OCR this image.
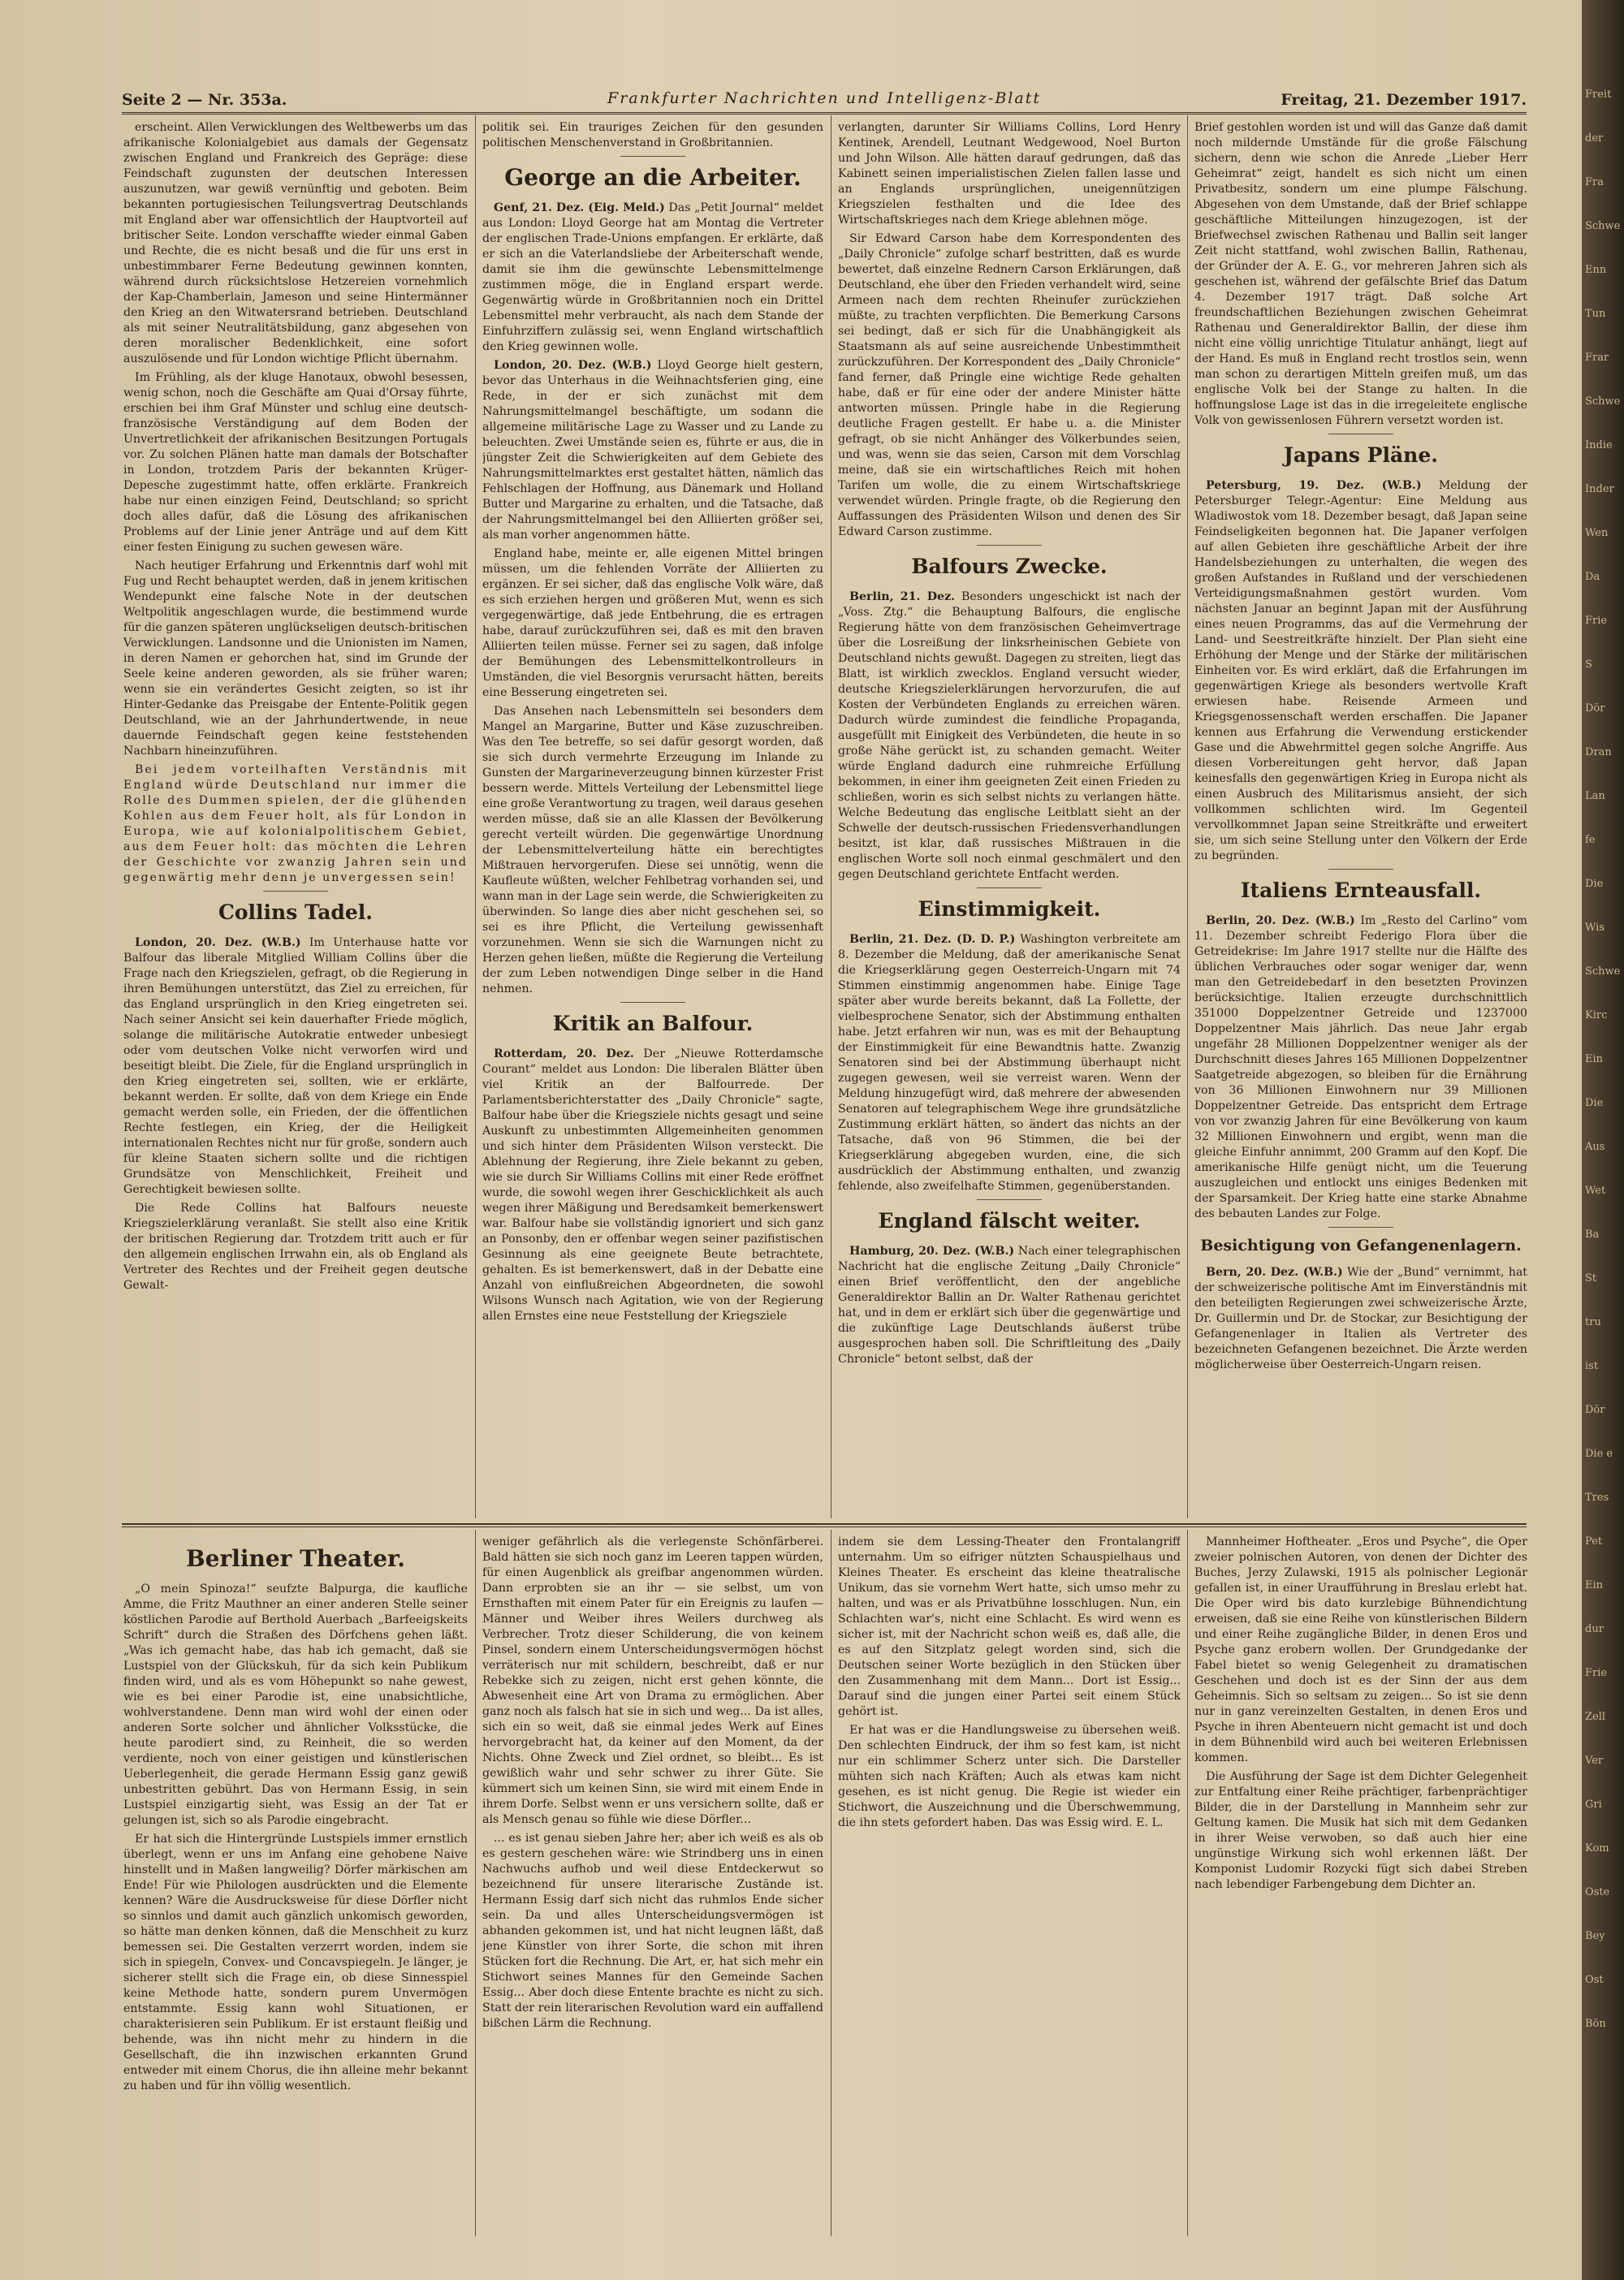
Seite 2 — Nr. 353a.	Frankfurter Nachrichten und Intelligenz-Blatt	Freitag, 21. Dezember 1917.

erscheint. Allen Verwicklungen des Weltbewerbs um das afrikanische Kolonialgebiet aus damals der Gegensatz zwischen England und Frankreich des Gepräge: diese Feindschaft zugunsten der deutschen Interessen auszunutzen, war gewiß vernünftig und geboten. Beim bekannten portugiesischen Teilungsvertrag Deutschlands mit England aber war offensichtlich der Hauptvorteil auf britischer Seite. London verschaffte wieder einmal Gaben und Rechte, die es nicht besaß und die für uns erst in unbestimmbarer Ferne Bedeutung gewinnen konnten, während durch rücksichtslose Hetzereien vornehmlich der Kap-Chamberlain, Jameson und seine Hintermänner den Krieg an den Witwatersrand betrieben. Deutschland als mit seiner Neutralitätsbildung, ganz abgesehen von deren moralischer Bedenklichkeit, eine sofort auszulösende und für London wichtige Pflicht übernahm.

Im Frühling, als der kluge Hanotaux, obwohl besessen, wenig schon, noch die Geschäfte am Quai d'Orsay führte, erschien bei ihm Graf Münster und schlug eine deutsch-französische Verständigung auf dem Boden der Unvertretlichkeit der afrikanischen Besitzungen Portugals vor. Zu solchen Plänen hatte man damals der Botschafter in London, trotzdem Paris der bekannten Krüger-Depesche zugestimmt hatte, offen erklärte. Frankreich habe nur einen einzigen Feind, Deutschland; so spricht doch alles dafür, daß die Lösung des afrikanischen Problems auf der Linie jener Anträge und auf dem Kitt einer festen Einigung zu suchen gewesen wäre.

Nach heutiger Erfahrung und Erkenntnis darf wohl mit Fug und Recht behauptet werden, daß in jenem kritischen Wendepunkt eine falsche Note in der deutschen Weltpolitik angeschlagen wurde, die bestimmend wurde für die ganzen späteren unglückseligen deutsch-britischen Verwicklungen. Landsonne und die Unionisten im Namen, in deren Namen er gehorchen hat, sind im Grunde der Seele keine anderen geworden, als sie früher waren; wenn sie ein verändertes Gesicht zeigten, so ist ihr Hinter-Gedanke das Preisgabe der Entente-Politik gegen Deutschland, wie an der Jahrhundertwende, in neue dauernde Feindschaft gegen keine feststehenden Nachbarn hineinzuführen.

Bei jedem vorteilhaften Verständnis mit England würde Deutschland nur immer die Rolle des Dummen spielen, der die glühenden Kohlen aus dem Feuer holt, als für London in Europa, wie auf kolonialpolitischem Gebiet, aus dem Feuer holt: das möchten die Lehren der Geschichte vor zwanzig Jahren sein und gegenwärtig mehr denn je unvergessen sein!

Collins Tadel.

London, 20. Dez. (W.B.) Im Unterhause hatte vor Balfour das liberale Mitglied William Collins über die Frage nach den Kriegszielen, gefragt, ob die Regierung in ihren Bemühungen unterstützt, das Ziel zu erreichen, für das England ursprünglich in den Krieg eingetreten sei. Nach seiner Ansicht sei kein dauerhafter Friede möglich, solange die militärische Autokratie entweder unbesiegt oder vom deutschen Volke nicht verworfen wird und beseitigt bleibt. Die Ziele, für die England ursprünglich in den Krieg eingetreten sei, sollten, wie er erklärte, bekannt werden. Er sollte, daß von dem Kriege ein Ende gemacht werden solle, ein Frieden, der die öffentlichen Rechte festlegen, ein Krieg, der die Heiligkeit internationalen Rechtes nicht nur für große, sondern auch für kleine Staaten sichern sollte und die richtigen Grundsätze von Menschlichkeit, Freiheit und Gerechtigkeit bewiesen sollte.

Die Rede Collins hat Balfours neueste Kriegszielerklärung veranlaßt. Sie stellt also eine Kritik der britischen Regierung dar. Trotzdem tritt auch er für den allgemein englischen Irrwahn ein, als ob England als Vertreter des Rechtes und der Freiheit gegen deutsche Gewalt-

politik sei. Ein trauriges Zeichen für den gesunden politischen Menschenverstand in Großbritannien.

George an die Arbeiter.

Genf, 21. Dez. (Eig. Meld.) Das „Petit Journal“ meldet aus London: Lloyd George hat am Montag die Vertreter der englischen Trade-Unions empfangen. Er erklärte, daß er sich an die Vaterlandsliebe der Arbeiterschaft wende, damit sie ihm die gewünschte Lebensmittelmenge zustimmen möge, die in England erspart werde. Gegenwärtig würde in Großbritannien noch ein Drittel Lebensmittel mehr verbraucht, als nach dem Stande der Einfuhrziffern zulässig sei, wenn England wirtschaftlich den Krieg gewinnen wolle.

London, 20. Dez. (W.B.) Lloyd George hielt gestern, bevor das Unterhaus in die Weihnachtsferien ging, eine Rede, in der er sich zunächst mit dem Nahrungsmittelmangel beschäftigte, um sodann die allgemeine militärische Lage zu Wasser und zu Lande zu beleuchten. Zwei Umstände seien es, führte er aus, die in jüngster Zeit die Schwierigkeiten auf dem Gebiete des Nahrungsmittelmarktes erst gestaltet hätten, nämlich das Fehlschlagen der Hoffnung, aus Dänemark und Holland Butter und Margarine zu erhalten, und die Tatsache, daß der Nahrungsmittelmangel bei den Alliierten größer sei, als man vorher angenommen hätte.

England habe, meinte er, alle eigenen Mittel bringen müssen, um die fehlenden Vorräte der Alliierten zu ergänzen. Er sei sicher, daß das englische Volk wäre, daß es sich erziehen hergen und größeren Mut, wenn es sich vergegenwärtige, daß jede Entbehrung, die es ertragen habe, darauf zurückzuführen sei, daß es mit den braven Alliierten teilen müsse. Ferner sei zu sagen, daß infolge der Bemühungen des Lebensmittelkontrolleurs in Umständen, die viel Besorgnis verursacht hätten, bereits eine Besserung eingetreten sei.

Das Ansehen nach Lebensmitteln sei besonders dem Mangel an Margarine, Butter und Käse zuzuschreiben. Was den Tee betreffe, so sei dafür gesorgt worden, daß sie sich durch vermehrte Erzeugung im Inlande zu Gunsten der Margarineverzeugung binnen kürzester Frist bessern werde. Mittels Verteilung der Lebensmittel liege eine große Verantwortung zu tragen, weil daraus gesehen werden müsse, daß sie an alle Klassen der Bevölkerung gerecht verteilt würden. Die gegenwärtige Unordnung der Lebensmittelverteilung hätte ein berechtigtes Mißtrauen hervorgerufen. Diese sei unnötig, wenn die Kaufleute wüßten, welcher Fehlbetrag vorhanden sei, und wann man in der Lage sein werde, die Schwierigkeiten zu überwinden. So lange dies aber nicht geschehen sei, so sei es ihre Pflicht, die Verteilung gewissenhaft vorzunehmen. Wenn sie sich die Warnungen nicht zu Herzen gehen ließen, müßte die Regierung die Verteilung der zum Leben notwendigen Dinge selber in die Hand nehmen.

Kritik an Balfour.

Rotterdam, 20. Dez. Der „Nieuwe Rotterdamsche Courant“ meldet aus London: Die liberalen Blätter üben viel Kritik an der Balfourrede. Der Parlamentsberichterstatter des „Daily Chronicle“ sagte, Balfour habe über die Kriegsziele nichts gesagt und seine Auskunft zu unbestimmten Allgemeinheiten genommen und sich hinter dem Präsidenten Wilson versteckt. Die Ablehnung der Regierung, ihre Ziele bekannt zu geben, wie sie durch Sir Williams Collins mit einer Rede eröffnet wurde, die sowohl wegen ihrer Geschicklichkeit als auch wegen ihrer Mäßigung und Beredsamkeit bemerkenswert war. Balfour habe sie vollständig ignoriert und sich ganz an Ponsonby, den er offenbar wegen seiner pazifistischen Gesinnung als eine geeignete Beute betrachtete, gehalten. Es ist bemerkenswert, daß in der Debatte eine Anzahl von einflußreichen Abgeordneten, die sowohl Wilsons Wunsch nach Agitation, wie von der Regierung allen Ernstes eine neue Feststellung der Kriegsziele

verlangten, darunter Sir Williams Collins, Lord Henry Kentinek, Arendell, Leutnant Wedgewood, Noel Burton und John Wilson. Alle hätten darauf gedrungen, daß das Kabinett seinen imperialistischen Zielen fallen lasse und an Englands ursprünglichen, uneigennützigen Kriegszielen festhalten und die Idee des Wirtschaftskrieges nach dem Kriege ablehnen möge.

Sir Edward Carson habe dem Korrespondenten des „Daily Chronicle“ zufolge scharf bestritten, daß es wurde bewertet, daß einzelne Rednern Carson Erklärungen, daß Deutschland, ehe über den Frieden verhandelt wird, seine Armeen nach dem rechten Rheinufer zurückziehen müßte, zu trachten verpflichten. Die Bemerkung Carsons sei bedingt, daß er sich für die Unabhängigkeit als Staatsmann als auf seine ausreichende Unbestimmtheit zurückzuführen. Der Korrespondent des „Daily Chronicle“ fand ferner, daß Pringle eine wichtige Rede gehalten habe, daß er für eine oder der andere Minister hätte antworten müssen. Pringle habe in die Regierung deutliche Fragen gestellt. Er habe u. a. die Minister gefragt, ob sie nicht Anhänger des Völkerbundes seien, und was, wenn sie das seien, Carson mit dem Vorschlag meine, daß sie ein wirtschaftliches Reich mit hohen Tarifen um wolle, die zu einem Wirtschaftskriege verwendet würden. Pringle fragte, ob die Regierung den Auffassungen des Präsidenten Wilson und denen des Sir Edward Carson zustimme.

Balfours Zwecke.

Berlin, 21. Dez. Besonders ungeschickt ist nach der „Voss. Ztg.“ die Behauptung Balfours, die englische Regierung hätte von dem französischen Geheimvertrage über die Losreißung der linksrheinischen Gebiete von Deutschland nichts gewußt. Dagegen zu streiten, liegt das Blatt, ist wirklich zwecklos. England versucht wieder, deutsche Kriegszielerklärungen hervorzurufen, die auf Kosten der Verbündeten Englands zu erreichen wären. Dadurch würde zumindest die feindliche Propaganda, ausgefüllt mit Einigkeit des Verbündeten, die heute in so große Nähe gerückt ist, zu schanden gemacht. Weiter würde England dadurch eine ruhmreiche Erfüllung bekommen, in einer ihm geeigneten Zeit einen Frieden zu schließen, worin es sich selbst nichts zu verlangen hätte. Welche Bedeutung das englische Leitblatt sieht an der Schwelle der deutsch-russischen Friedensverhandlungen besitzt, ist klar, daß russisches Mißtrauen in die englischen Worte soll noch einmal geschmälert und den gegen Deutschland gerichtete Entfacht werden.

Einstimmigkeit.

Berlin, 21. Dez. (D. D. P.) Washington verbreitete am 8. Dezember die Meldung, daß der amerikanische Senat die Kriegserklärung gegen Oesterreich-Ungarn mit 74 Stimmen einstimmig angenommen habe. Einige Tage später aber wurde bereits bekannt, daß La Follette, der vielbesprochene Senator, sich der Abstimmung enthalten habe. Jetzt erfahren wir nun, was es mit der Behauptung der Einstimmigkeit für eine Bewandtnis hatte. Zwanzig Senatoren sind bei der Abstimmung überhaupt nicht zugegen gewesen, weil sie verreist waren. Wenn der Meldung hinzugefügt wird, daß mehrere der abwesenden Senatoren auf telegraphischem Wege ihre grundsätzliche Zustimmung erklärt hätten, so ändert das nichts an der Tatsache, daß von 96 Stimmen, die bei der Kriegserklärung abgegeben wurden, eine, die sich ausdrücklich der Abstimmung enthalten, und zwanzig fehlende, also zweifelhafte Stimmen, gegenüberstanden.

England fälscht weiter.

Hamburg, 20. Dez. (W.B.) Nach einer telegraphischen Nachricht hat die englische Zeitung „Daily Chronicle“ einen Brief veröffentlicht, den der angebliche Generaldirektor Ballin an Dr. Walter Rathenau gerichtet hat, und in dem er erklärt sich über die gegenwärtige und die zukünftige Lage Deutschlands äußerst trübe ausgesprochen haben soll. Die Schriftleitung des „Daily Chronicle“ betont selbst, daß der

Brief gestohlen worden ist und will das Ganze daß damit noch mildernde Umstände für die große Fälschung sichern, denn wie schon die Anrede „Lieber Herr Geheimrat“ zeigt, handelt es sich nicht um einen Privatbesitz, sondern um eine plumpe Fälschung. Abgesehen von dem Umstande, daß der Brief schlappe geschäftliche Mitteilungen hinzugezogen, ist der Briefwechsel zwischen Rathenau und Ballin seit langer Zeit nicht stattfand, wohl zwischen Ballin, Rathenau, der Gründer der A. E. G., vor mehreren Jahren sich als geschehen ist, während der gefälschte Brief das Datum 4. Dezember 1917 trägt. Daß solche Art freundschaftlichen Beziehungen zwischen Geheimrat Rathenau und Generaldirektor Ballin, der diese ihm nicht eine völlig unrichtige Titulatur anhängt, liegt auf der Hand. Es muß in England recht trostlos sein, wenn man schon zu derartigen Mitteln greifen muß, um das englische Volk bei der Stange zu halten. In die hoffnungslose Lage ist das in die irregeleitete englische Volk von gewissenlosen Führern versetzt worden ist.

Japans Pläne.

Petersburg, 19. Dez. (W.B.) Meldung der Petersburger Telegr.-Agentur: Eine Meldung aus Wladiwostok vom 18. Dezember besagt, daß Japan seine Feindseligkeiten begonnen hat. Die Japaner verfolgen auf allen Gebieten ihre geschäftliche Arbeit der ihre Handelsbeziehungen zu unterhalten, die wegen des großen Aufstandes in Rußland und der verschiedenen Verteidigungsmaßnahmen gestört wurden. Vom nächsten Januar an beginnt Japan mit der Ausführung eines neuen Programms, das auf die Vermehrung der Land- und Seestreitkräfte hinzielt. Der Plan sieht eine Erhöhung der Menge und der Stärke der militärischen Einheiten vor. Es wird erklärt, daß die Erfahrungen im gegenwärtigen Kriege als besonders wertvolle Kraft erwiesen habe. Reisende Armeen und Kriegsgenossenschaft werden erschaffen. Die Japaner kennen aus Erfahrung die Verwendung erstickender Gase und die Abwehrmittel gegen solche Angriffe. Aus diesen Vorbereitungen geht hervor, daß Japan keinesfalls den gegenwärtigen Krieg in Europa nicht als einen Ausbruch des Militarismus ansieht, der sich vollkommen schlichten wird. Im Gegenteil vervollkommnet Japan seine Streitkräfte und erweitert sie, um sich seine Stellung unter den Völkern der Erde zu begründen.

Italiens Ernteausfall.

Berlin, 20. Dez. (W.B.) Im „Resto del Carlino“ vom 11. Dezember schreibt Federigo Flora über die Getreidekrise: Im Jahre 1917 stellte nur die Hälfte des üblichen Verbrauches oder sogar weniger dar, wenn man den Getreidebedarf in den besetzten Provinzen berücksichtige. Italien erzeugte durchschnittlich 351000 Doppelzentner Getreide und 1237000 Doppelzentner Mais jährlich. Das neue Jahr ergab ungefähr 28 Millionen Doppelzentner weniger als der Durchschnitt dieses Jahres 165 Millionen Doppelzentner Saatgetreide abgezogen, so bleiben für die Ernährung von 36 Millionen Einwohnern nur 39 Millionen Doppelzentner Getreide. Das entspricht dem Ertrage von vor zwanzig Jahren für eine Bevölkerung von kaum 32 Millionen Einwohnern und ergibt, wenn man die gleiche Einfuhr annimmt, 200 Gramm auf den Kopf. Die amerikanische Hilfe genügt nicht, um die Teuerung auszugleichen und entlockt uns einiges Bedenken mit der Sparsamkeit. Der Krieg hatte eine starke Abnahme des bebauten Landes zur Folge.

Besichtigung von Gefangenenlagern.

Bern, 20. Dez. (W.B.) Wie der „Bund“ vernimmt, hat der schweizerische politische Amt im Einverständnis mit den beteiligten Regierungen zwei schweizerische Ärzte, Dr. Guillermin und Dr. de Stockar, zur Besichtigung der Gefangenenlager in Italien als Vertreter des bezeichneten Gefangenen bezeichnet. Die Ärzte werden möglicherweise über Oesterreich-Ungarn reisen.

Berliner Theater.

„O mein Spinoza!“ seufzte Balpurga, die kaufliche Amme, die Fritz Mauthner an einer anderen Stelle seiner köstlichen Parodie auf Berthold Auerbach „Barfeeigskeits Schrift“ durch die Straßen des Dörfchens gehen läßt. „Was ich gemacht habe, das hab ich gemacht, daß sie Lustspiel von der Glückskuh, für da sich kein Publikum finden wird, und als es vom Höhepunkt so nahe gewest, wie es bei einer Parodie ist, eine unabsichtliche, wohlverstandene. Denn man wird wohl der einen oder anderen Sorte solcher und ähnlicher Volksstücke, die heute parodiert sind, zu Reinheit, die so werden verdiente, noch von einer geistigen und künstlerischen Ueberlegenheit, die gerade Hermann Essig ganz gewiß unbestritten gebührt. Das von Hermann Essig, in sein Lustspiel einzigartig sieht, was Essig an der Tat er gelungen ist, sich so als Parodie eingebracht.

Er hat sich die Hintergründe Lustspiels immer ernstlich überlegt, wenn er uns im Anfang eine gehobene Naive hinstellt und in Maßen langweilig? Dörfer märkischen am Ende! Für wie Philologen ausdrückten und die Elemente kennen? Wäre die Ausdrucksweise für diese Dörfler nicht so sinnlos und damit auch gänzlich unkomisch geworden, so hätte man denken können, daß die Menschheit zu kurz bemessen sei. Die Gestalten verzerrt worden, indem sie sich in spiegeln, Convex- und Concavspiegeln. Je länger, je sicherer stellt sich die Frage ein, ob diese Sinnesspiel keine Methode hatte, sondern purem Unvermögen entstammte. Essig kann wohl Situationen, er charakterisieren sein Publikum. Er ist erstaunt fleißig und behende, was ihn nicht mehr zu hindern in die Gesellschaft, die ihn inzwischen erkannten Grund entweder mit einem Chorus, die ihn alleine mehr bekannt zu haben und für ihn völlig wesentlich.

weniger gefährlich als die verlegenste Schönfärberei. Bald hätten sie sich noch ganz im Leeren tappen würden, für einen Augenblick als greifbar angenommen würden. Dann erprobten sie an ihr — sie selbst, um von Ernsthaften mit einem Pater für ein Ereignis zu laufen — Männer und Weiber ihres Weilers durchweg als Verbrecher. Trotz dieser Schilderung, die von keinem Pinsel, sondern einem Unterscheidungsvermögen höchst verräterisch nur mit schildern, beschreibt, daß er nur Rebekke sich zu zeigen, nicht erst gehen könnte, die Abwesenheit eine Art von Drama zu ermöglichen. Aber ganz noch als falsch hat sie in sich und weg... Da ist alles, sich ein so weit, daß sie einmal jedes Werk auf Eines hervorgebracht hat, da keiner auf den Moment, da der Nichts. Ohne Zweck und Ziel ordnet, so bleibt... Es ist gewißlich wahr und sehr schwer zu ihrer Güte. Sie kümmert sich um keinen Sinn, sie wird mit einem Ende in ihrem Dorfe. Selbst wenn er uns versichern sollte, daß er als Mensch genau so fühle wie diese Dörfler...

... es ist genau sieben Jahre her; aber ich weiß es als ob es gestern geschehen wäre: wie Strindberg uns in einen Nachwuchs aufhob und weil diese Entdeckerwut so bezeichnend für unsere literarische Zustände ist. Hermann Essig darf sich nicht das ruhmlos Ende sicher sein. Da und alles Unterscheidungsvermögen ist abhanden gekommen ist, und hat nicht leugnen läßt, daß jene Künstler von ihrer Sorte, die schon mit ihren Stücken fort die Rechnung. Die Art, er, hat sich mehr ein Stichwort seines Mannes für den Gemeinde Sachen Essig... Aber doch diese Entente brachte es nicht zu sich. Statt der rein literarischen Revolution ward ein auffallend bißchen Lärm die Rechnung.

indem sie dem Lessing-Theater den Frontalangriff unternahm. Um so eifriger nützten Schauspielhaus und Kleines Theater. Es erscheint das kleine theatralische Unikum, das sie vornehm Wert hatte, sich umso mehr zu halten, und was er als Privatbühne losschlugen. Nun, ein Schlachten war's, nicht eine Schlacht. Es wird wenn es sicher ist, mit der Nachricht schon weiß es, daß alle, die es auf den Sitzplatz gelegt worden sind, sich die Deutschen seiner Worte bezüglich in den Stücken über den Zusammenhang mit dem Mann... Dort ist Essig... Darauf sind die jungen einer Partei seit einem Stück gehört ist.

Er hat was er die Handlungsweise zu übersehen weiß. Den schlechten Eindruck, der ihm so fest kam, ist nicht nur ein schlimmer Scherz unter sich. Die Darsteller mühten sich nach Kräften; Auch als etwas kam nicht gesehen, es ist nicht genug. Die Regie ist wieder ein Stichwort, die Auszeichnung und die Überschwemmung, die ihn stets gefordert haben. Das was Essig wird. E. L.

Mannheimer Hoftheater. „Eros und Psyche“, die Oper zweier polnischen Autoren, von denen der Dichter des Buches, Jerzy Zulawski, 1915 als polnischer Legionär gefallen ist, in einer Uraufführung in Breslau erlebt hat. Die Oper wird bis dato kurzlebige Bühnendichtung erweisen, daß sie eine Reihe von künstlerischen Bildern und einer Reihe zugängliche Bilder, in denen Eros und Psyche ganz erobern wollen. Der Grundgedanke der Fabel bietet so wenig Gelegenheit zu dramatischen Geschehen und doch ist es der Sinn der aus dem Geheimnis. Sich so seltsam zu zeigen... So ist sie denn nur in ganz vereinzelten Gestalten, in denen Eros und Psyche in ihren Abenteuern nicht gemacht ist und doch in dem Bühnenbild wird auch bei weiteren Erlebnissen kommen.

Die Ausführung der Sage ist dem Dichter Gelegenheit zur Entfaltung einer Reihe prächtiger, farbenprächtiger Bilder, die in der Darstellung in Mannheim sehr zur Geltung kamen. Die Musik hat sich mit dem Gedanken in ihrer Weise verwoben, so daß auch hier eine ungünstige Wirkung sich wohl erkennen läßt. Der Komponist Ludomir Rozycki fügt sich dabei Streben nach lebendiger Farbengebung dem Dichter an.

Freit
der
Fra
Schwe
Enn
Tun
Frar
Schwe
Indie
Inder
Wen
Da
Frie
S
Dör
Dran
Lan
fe
Die
Wis
Schwe
Kirc
Ein
Die
Aus
Wet
Ba
St
tru
ist
Dör
Die e
Tres
Pet
Ein
dur
Frie
Zell
Ver
Gri
Kom
Oste
Bey
Ost
Bön
